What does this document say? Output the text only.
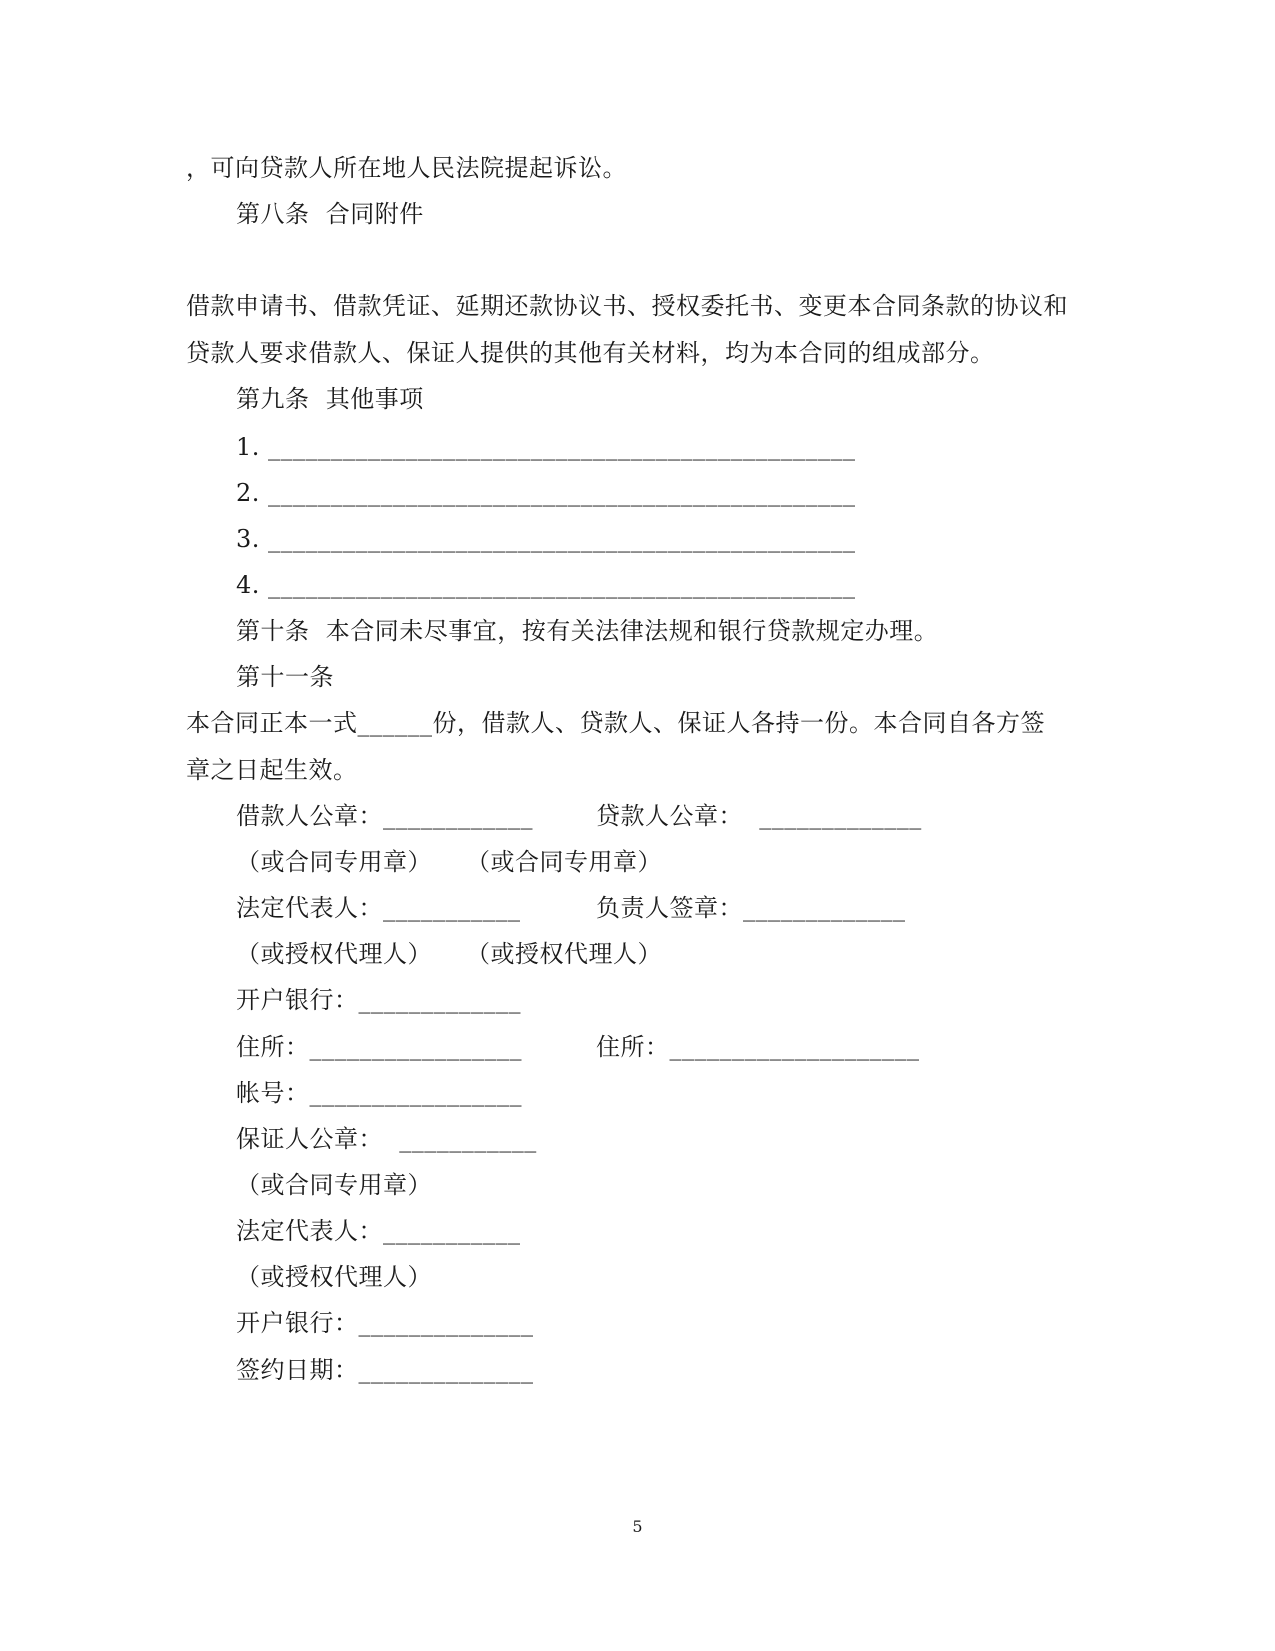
，可向贷款人所在地人民法院提起诉讼。
第八条  合同附件
借款申请书、借款凭证、延期还款协议书、授权委托书、变更本合同条款的协议和
贷款人要求借款人、保证人提供的其他有关材料，均为本合同的组成部分。
第九条  其他事项
1. _______________________________________________
2. _______________________________________________
3. _______________________________________________
4. _______________________________________________
第十条  本合同未尽事宜，按有关法律法规和银行贷款规定办理。
第十一条
本合同正本一式______份，借款人、贷款人、保证人各持一份。本合同自各方签
章之日起生效。
借款人公章：____________	贷款人公章：  _____________
（或合同专用章） （或合同专用章）
法定代表人：___________	负责人签章：_____________
（或授权代理人） （或授权代理人）
开户银行：_____________
住所：_________________	住所：____________________
帐号：_________________
保证人公章：  ___________
（或合同专用章）
法定代表人：___________
（或授权代理人）
开户银行：______________
签约日期：______________
5
